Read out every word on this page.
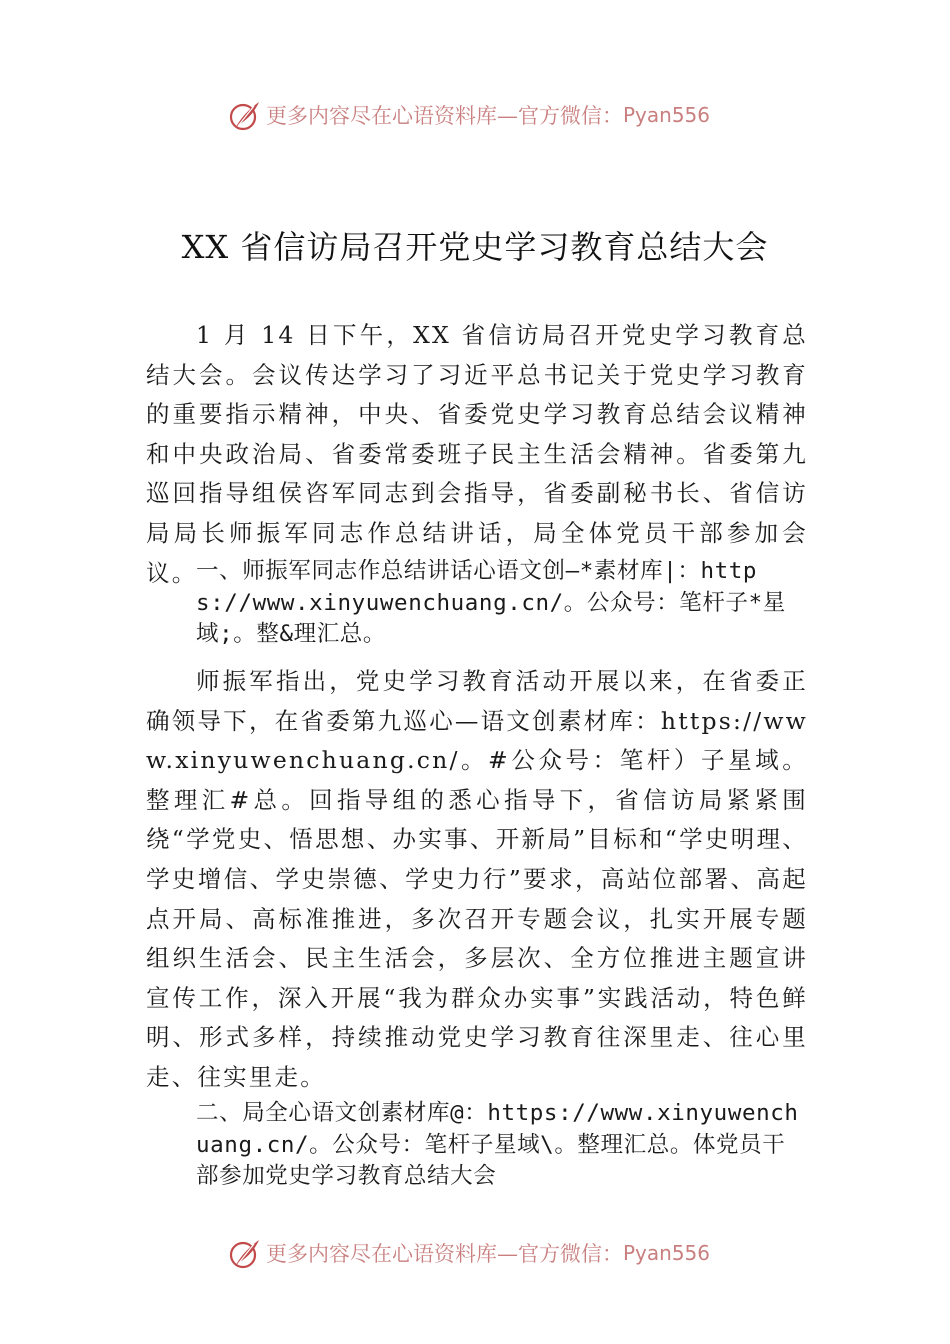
更多内容尽在心语资料库—官方微信： Pyan556
XX 省信访局召开党史学习教育总结大会

1 月 14 日下午，XX 省信访局召开党史学习教育总结大会。会议传达学习了习近平总书记关于党史学习教育的重要指示精神，中央、省委党史学习教育总结会议精神和中央政治局、省委常委班子民主生活会精神。省委第九巡回指导组侯咨军同志到会指导，省委副秘书长、省信访局局长师振军同志作总结讲话，局全体党员干部参加会议。

一、师振军同志作总结讲话心语文创—*素材库|：https://www.xinyuwenchuang.cn/。公众号：笔杆子*星域;。整&理汇总。

师振军指出，党史学习教育活动开展以来，在省委正确领导下，在省委第九巡心—语文创素材库：https://www.xinyuwenchuang.cn/。#公众号：笔杆）子星域。整理汇#总。回指导组的悉心指导下，省信访局紧紧围绕“学党史、悟思想、办实事、开新局”目标和“学史明理、学史增信、学史崇德、学史力行”要求，高站位部署、高起点开局、高标准推进，多次召开专题会议，扎实开展专题组织生活会、民主生活会，多层次、全方位推进主题宣讲宣传工作，深入开展“我为群众办实事”实践活动，特色鲜明、形式多样，持续推动党史学习教育往深里走、往心里走、往实里走。

二、局全心语文创素材库@：https://www.xinyuwenchuang.cn/。公众号：笔杆子星域\。整理汇总。体党员干部参加党史学习教育总结大会

更多内容尽在心语资料库—官方微信： Pyan556
